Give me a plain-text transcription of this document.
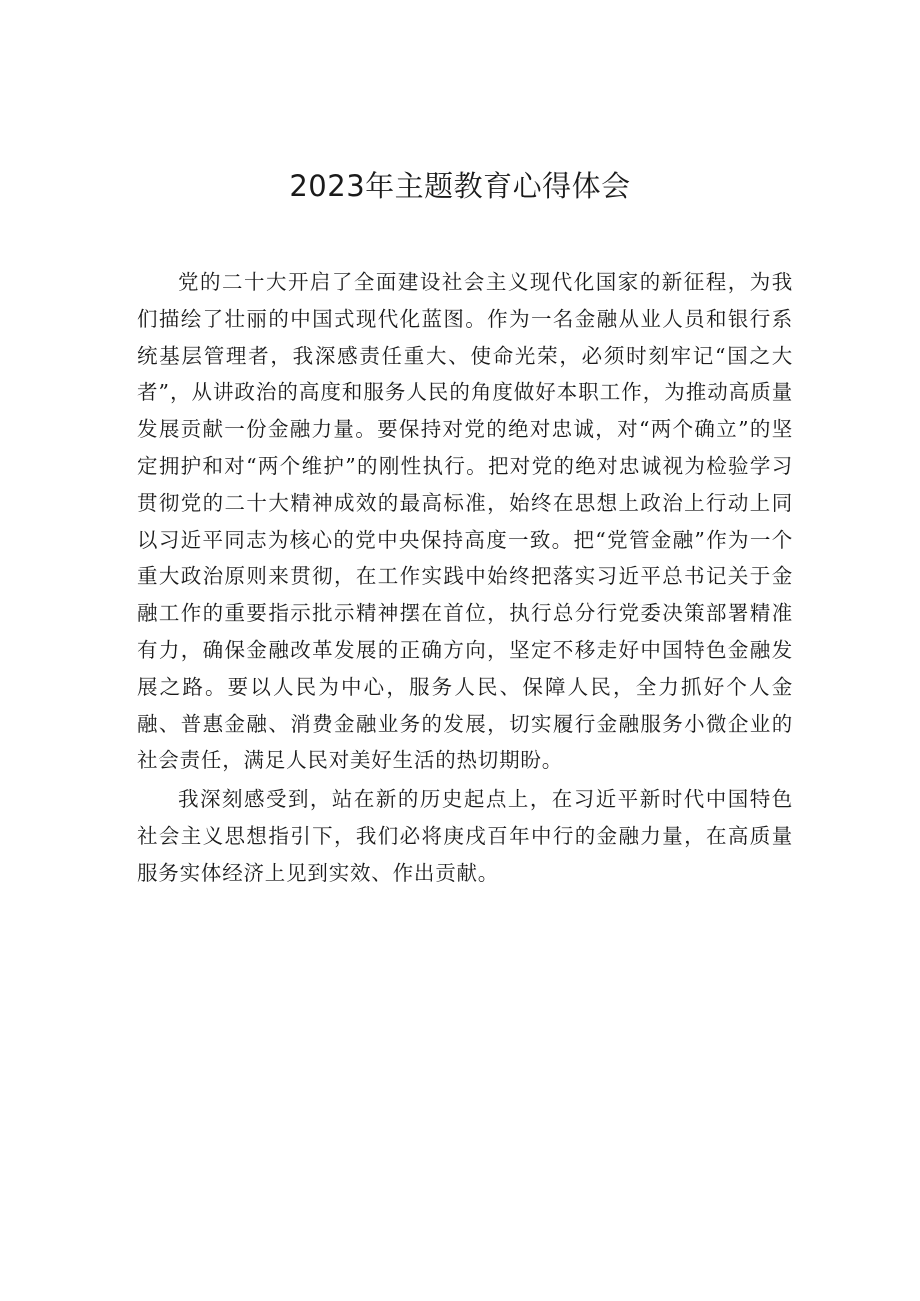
2023年主题教育心得体会

党的二十大开启了全面建设社会主义现代化国家的新征程，为我们描绘了壮丽的中国式现代化蓝图。作为一名金融从业人员和银行系统基层管理者，我深感责任重大、使命光荣，必须时刻牢记“国之大者”，从讲政治的高度和服务人民的角度做好本职工作，为推动高质量发展贡献一份金融力量。要保持对党的绝对忠诚，对“两个确立”的坚定拥护和对“两个维护”的刚性执行。把对党的绝对忠诚视为检验学习贯彻党的二十大精神成效的最高标准，始终在思想上政治上行动上同以习近平同志为核心的党中央保持高度一致。把“党管金融”作为一个重大政治原则来贯彻，在工作实践中始终把落实习近平总书记关于金融工作的重要指示批示精神摆在首位，执行总分行党委决策部署精准有力，确保金融改革发展的正确方向，坚定不移走好中国特色金融发展之路。要以人民为中心，服务人民、保障人民，全力抓好个人金融、普惠金融、消费金融业务的发展，切实履行金融服务小微企业的社会责任，满足人民对美好生活的热切期盼。

我深刻感受到，站在新的历史起点上，在习近平新时代中国特色社会主义思想指引下，我们必将庚戌百年中行的金融力量，在高质量服务实体经济上见到实效、作出贡献。
